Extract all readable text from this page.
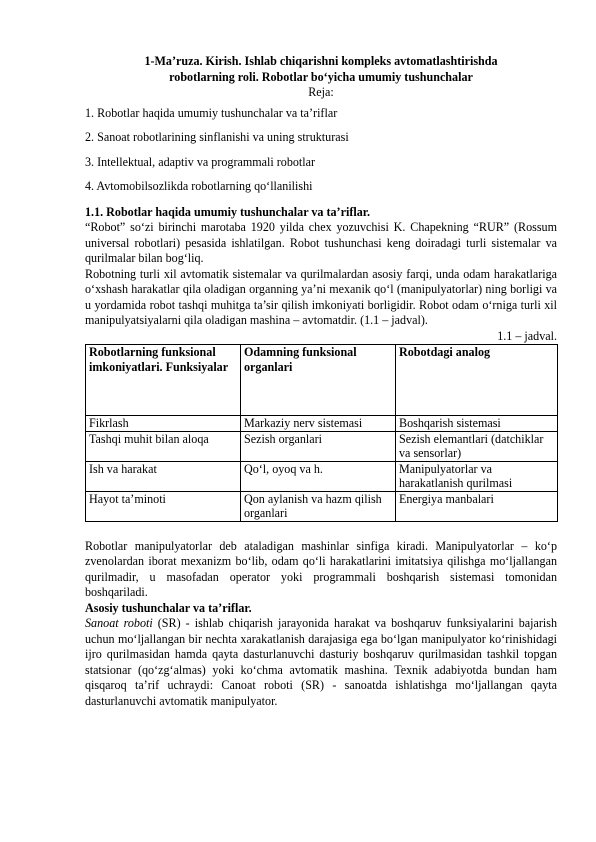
1-Ma’ruza. Kirish. Ishlab chiqarishni kompleks avtomatlashtirishda
robotlarning roli. Robotlar bo‘yicha umumiy tushunchalar
Reja:
1. Robotlar haqida umumiy tushunchalar va ta’riflar
2. Sanoat robotlarining sinflanishi va uning strukturasi
3. Intellektual, adaptiv va programmali robotlar
4. Avtomobilsozlikda robotlarning qo‘llanilishi
1.1. Robotlar haqida umumiy tushunchalar va ta’riflar.
“Robot” so‘zi birinchi marotaba 1920 yilda chex yozuvchisi K. Chapekning “RUR” (Rossum universal robotlari) pesasida ishlatilgan. Robot tushunchasi keng doiradagi turli sistemalar va qurilmalar bilan bog‘liq.
Robotning turli xil avtomatik sistemalar va qurilmalardan asosiy farqi, unda odam harakatlariga o‘xshash harakatlar qila oladigan organning ya’ni mexanik qo‘l (manipulyatorlar) ning borligi va u yordamida robot tashqi muhitga ta’sir qilish imkoniyati borligidir. Robot odam o‘rniga turli xil manipulyatsiyalarni qila oladigan mashina – avtomatdir. (1.1 – jadval).
1.1 – jadval.
Robotlarning funksional imkoniyatlari. Funksiyalar	Odamning funksional organlari	Robotdagi analog
Fikrlash	Markaziy nerv sistemasi	Boshqarish sistemasi
Tashqi muhit bilan aloqa	Sezish organlari	Sezish elemantlari (datchiklar va sensorlar)
Ish va harakat	Qo‘l, oyoq va h.	Manipulyatorlar va harakatlanish qurilmasi
Hayot ta’minoti	Qon aylanish va hazm qilish organlari	Energiya manbalari
Robotlar manipulyatorlar deb ataladigan mashinlar sinfiga kiradi. Manipulyatorlar – ko‘p zvenolardan iborat mexanizm bo‘lib, odam qo‘li harakatlarini imitatsiya qilishga mo‘ljallangan qurilmadir, u masofadan operator yoki programmali boshqarish sistemasi tomonidan boshqariladi.
Asosiy tushunchalar va ta’riflar.
Sanoat roboti (SR) - ishlab chiqarish jarayonida harakat va boshqaruv funksiyalarini bajarish uchun mo‘ljallangan bir nechta xarakatlanish darajasiga ega bo‘lgan manipulyator ko‘rinishidagi ijro qurilmasidan hamda qayta dasturlanuvchi dasturiy boshqaruv qurilmasidan tashkil topgan statsionar (qo‘zg‘almas) yoki ko‘chma avtomatik mashina. Texnik adabiyotda bundan ham qisqaroq ta’rif uchraydi: Canoat roboti (SR) - sanoatda ishlatishga mo‘ljallangan qayta dasturlanuvchi avtomatik manipulyator.
